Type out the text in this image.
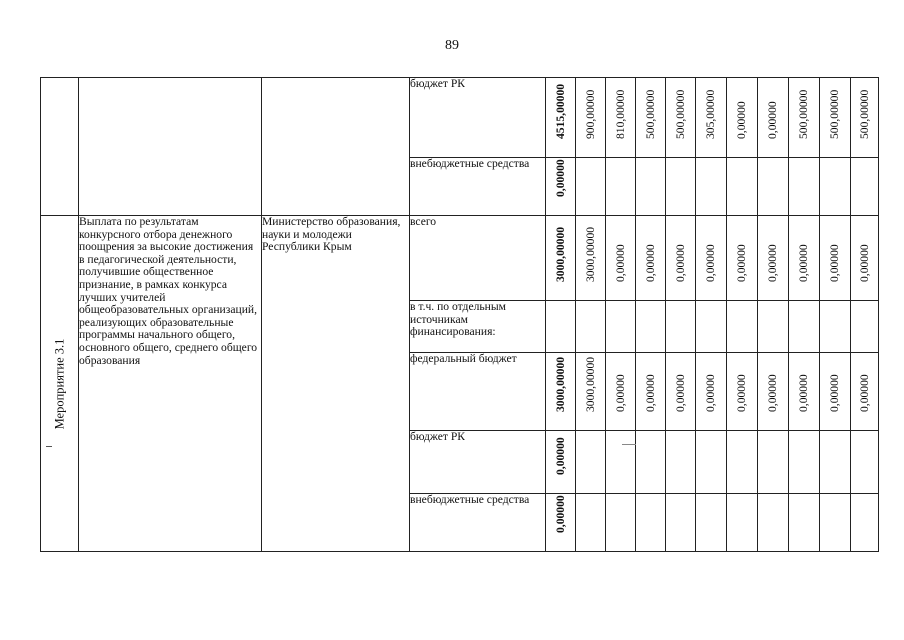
89
			бюджет РК	4515,00000	900,00000	810,00000	500,00000	500,00000	305,00000	0,00000	0,00000	500,00000	500,00000	500,00000

			внебюджетные средства	0,00000										

Мероприятие 3.1	Выплата по результатам конкурсного отбора денежного поощрения за высокие достижения в педагогической деятельности, получившие общественное признание, в рамках конкурса лучших учителей общеобразовательных организаций, реализующих образовательные программы начального общего, основного общего, среднего общего образования	Министерство образования, науки и молодежи Республики Крым	всего	3000,00000	3000,00000	0,00000	0,00000	0,00000	0,00000	0,00000	0,00000	0,00000	0,00000	0,00000

			в т.ч. по отдельным источникам финансирования:	

			федеральный бюджет	3000,00000	3000,00000	0,00000	0,00000	0,00000	0,00000	0,00000	0,00000	0,00000	0,00000	0,00000

			бюджет РК	0,00000										

			внебюджетные средства	0,00000										
